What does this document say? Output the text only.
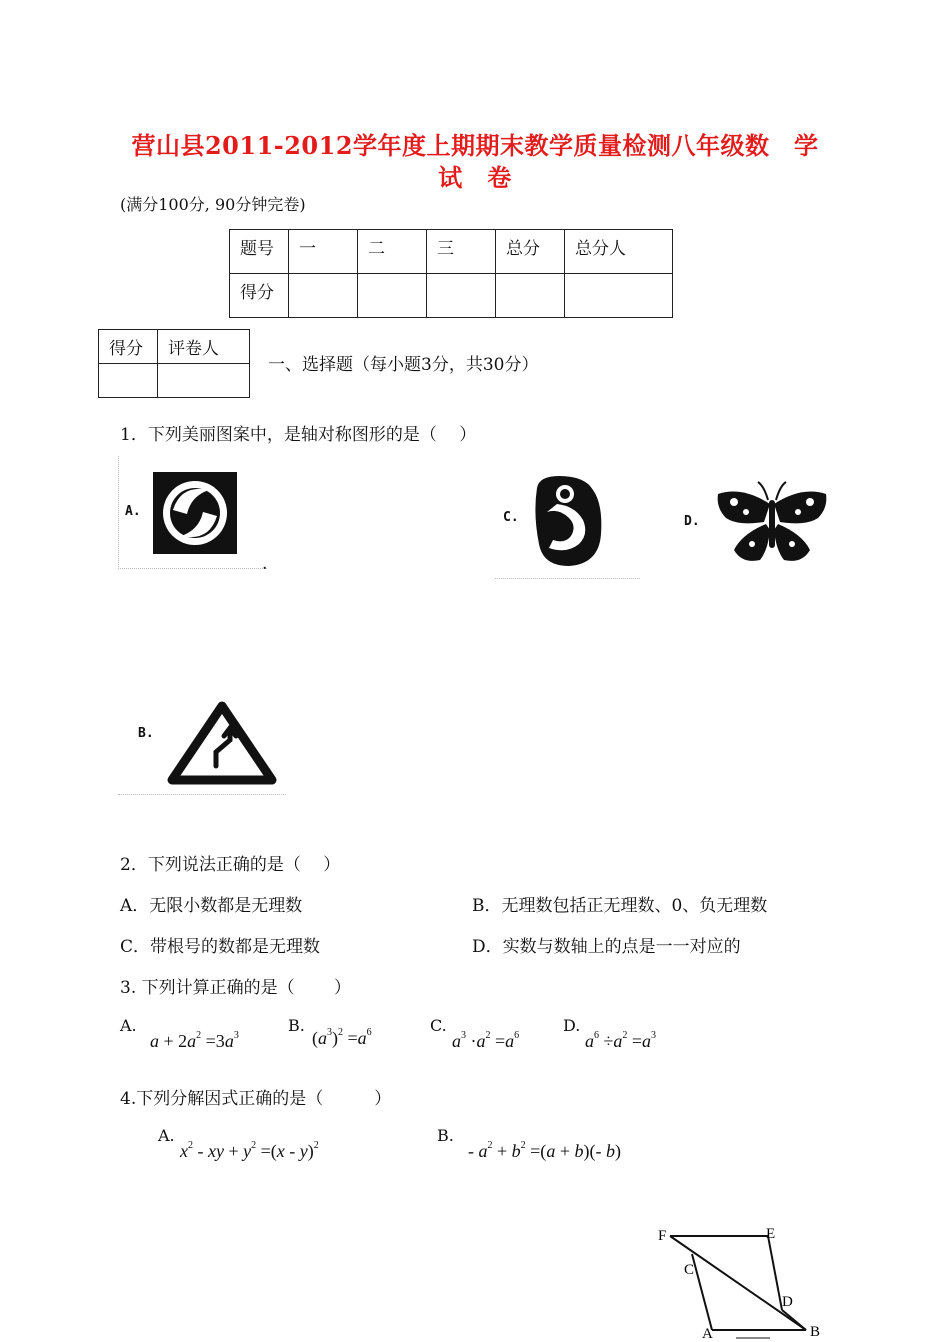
营山县2011-2012学年度上期期末教学质量检测八年级数　学试　卷
(满分100分, 90分钟完卷)
题号	一	二	三	总分	总分人
得分					
得分	评卷人

一、选择题（每小题3分，共30分）
1．下列美丽图案中，是轴对称图形的是（　 ）
A.
.
C.	D.
B.
2．下列说法正确的是（　 ）
A．无限小数都是无理数	B．无理数包括正无理数、0、负无理数
C．带根号的数都是无理数	D．实数与数轴上的点是一一对应的
3. 下列计算正确的是（　　 ）
A.
$a + 2a^2 =3a^3$
B.
$(a^3)^2 =a^6$	C.
$a^3 \cdot a^2 =a^6$
D.
$a^6 \div a^2 =a^3$
4.下列分解因式正确的是（　　　）
A.
$x^2$ - xy + $y^2 =(x - y)^2$
B.
- $a^2 + b^2 =(a + b)(-$ b)
F	E
C
D
A	B
